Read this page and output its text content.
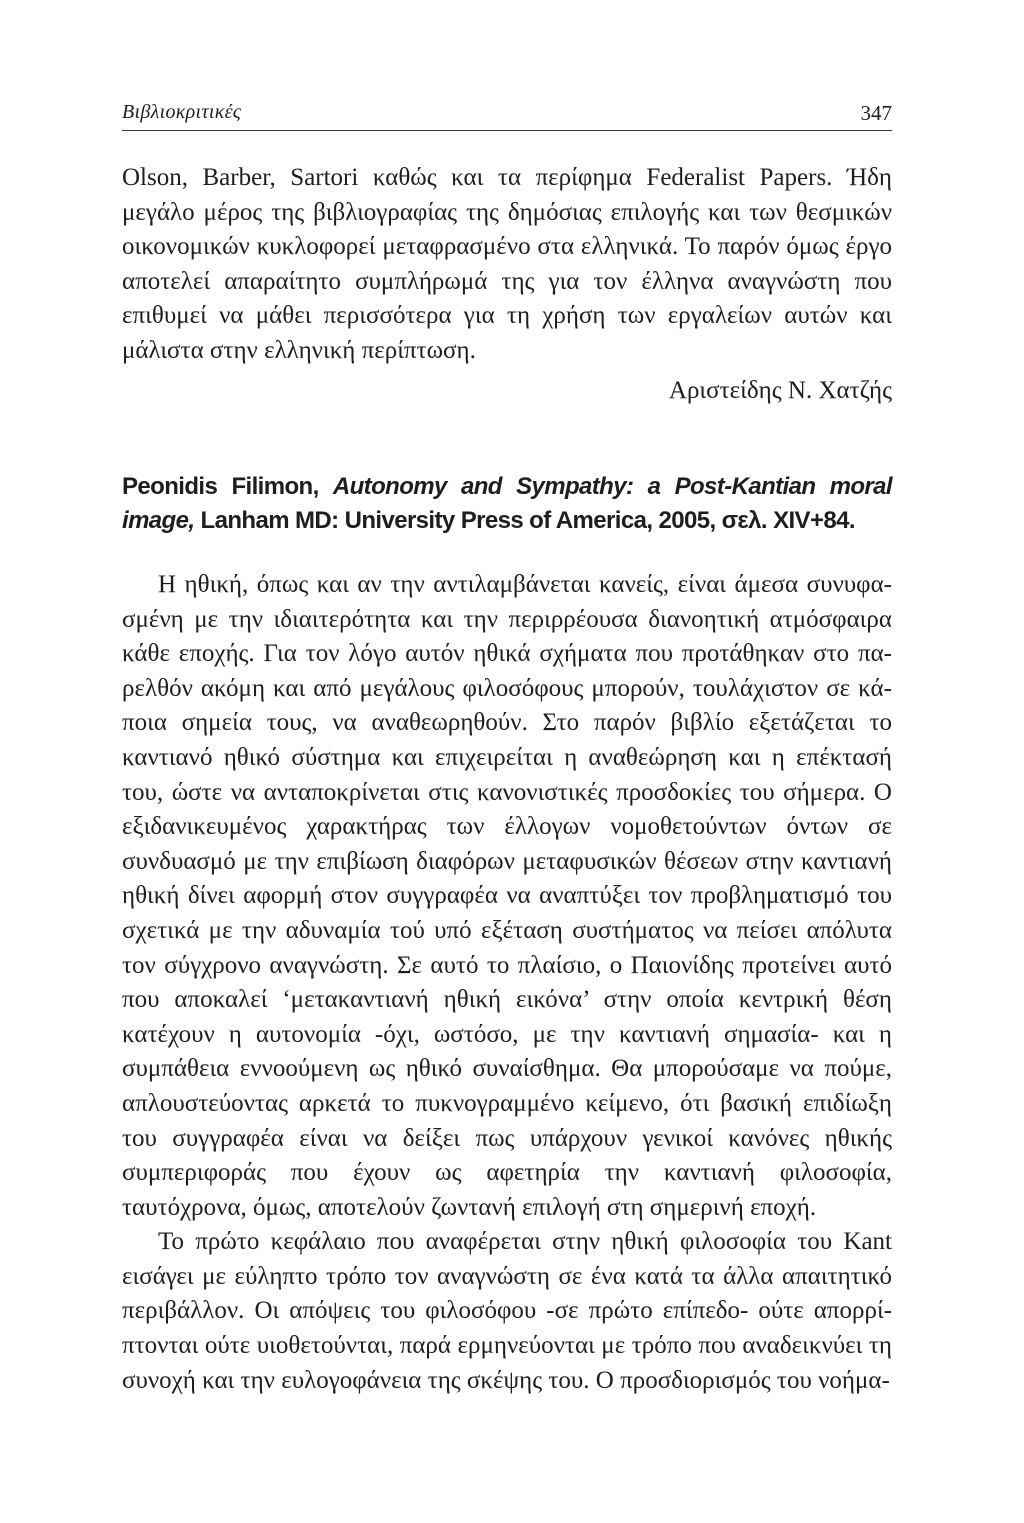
Βιβλιοκριτικές	347
Olson, Barber, Sartori καθώς και τα περίφημα Federalist Papers. Ήδη μεγάλο μέρος της βιβλιογραφίας της δημόσιας επιλογής και των θεσμικών οικονομικών κυκλοφορεί μεταφρασμένο στα ελληνικά. Το παρόν όμως έργο αποτελεί απαραίτητο συμπλήρωμά της για τον έλληνα αναγνώστη που επιθυμεί να μάθει περισσότερα για τη χρήση των εργαλείων αυτών και μάλιστα στην ελληνική περίπτωση.
Αριστείδης Ν. Χατζής
Peonidis Filimon, Autonomy and Sympathy: a Post-Kantian moral image, Lanham MD: University Press of America, 2005, σελ. XIV+84.

Η ηθική, όπως και αν την αντιλαμβάνεται κανείς, είναι άμεσα συνυφασμένη με την ιδιαιτερότητα και την περιρρέουσα διανοητική ατμόσφαιρα κάθε εποχής. Για τον λόγο αυτόν ηθικά σχήματα που προτάθηκαν στο παρελθόν ακόμη και από μεγάλους φιλοσόφους μπορούν, τουλάχιστον σε κάποια σημεία τους, να αναθεωρηθούν. Στο παρόν βιβλίο εξετάζεται το καντιανό ηθικό σύστημα και επιχειρείται η αναθεώρηση και η επέκτασή του, ώστε να ανταποκρίνεται στις κανονιστικές προσδοκίες του σήμερα. Ο εξιδανικευμένος χαρακτήρας των έλλογων νομοθετούντων όντων σε συνδυασμό με την επιβίωση διαφόρων μεταφυσικών θέσεων στην καντιανή ηθική δίνει αφορμή στον συγγραφέα να αναπτύξει τον προβληματισμό του σχετικά με την αδυναμία τού υπό εξέταση συστήματος να πείσει απόλυτα τον σύγχρονο αναγνώστη. Σε αυτό το πλαίσιο, ο Παιονίδης προτείνει αυτό που αποκαλεί ‘μετακαντιανή ηθική εικόνα’ στην οποία κεντρική θέση κατέχουν η αυτονομία -όχι, ωστόσο, με την καντιανή σημασία- και η συμπάθεια εννοούμενη ως ηθικό συναίσθημα. Θα μπορούσαμε να πούμε, απλουστεύοντας αρκετά το πυκνογραμμένο κείμενο, ότι βασική επιδίωξη του συγγραφέα είναι να δείξει πως υπάρχουν γενικοί κανόνες ηθικής συμπεριφοράς που έχουν ως αφετηρία την καντιανή φιλοσοφία, ταυτόχρονα, όμως, αποτελούν ζωντανή επιλογή στη σημερινή εποχή.

Το πρώτο κεφάλαιο που αναφέρεται στην ηθική φιλοσοφία του Kant εισάγει με εύληπτο τρόπο τον αναγνώστη σε ένα κατά τα άλλα απαιτητικό περιβάλλον. Οι απόψεις του φιλοσόφου -σε πρώτο επίπεδο- ούτε απορρίπτονται ούτε υιοθετούνται, παρά ερμηνεύονται με τρόπο που αναδεικνύει τη συνοχή και την ευλογοφάνεια της σκέψης του. Ο προσδιορισμός του νοήμα-
